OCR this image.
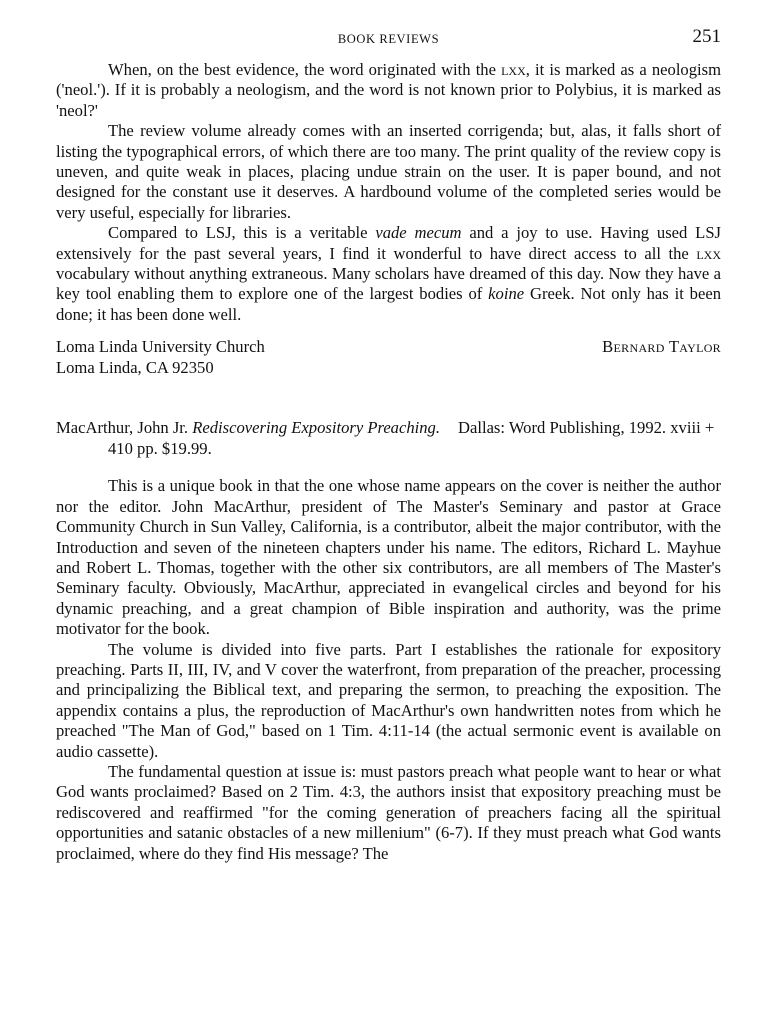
BOOK REVIEWS	251

When, on the best evidence, the word originated with the lxx, it is marked as a neologism ('neol.'). If it is probably a neologism, and the word is not known prior to Polybius, it is marked as 'neol?'

The review volume already comes with an inserted corrigenda; but, alas, it falls short of listing the typographical errors, of which there are too many. The print quality of the review copy is uneven, and quite weak in places, placing undue strain on the user. It is paper bound, and not designed for the constant use it deserves. A hardbound volume of the completed series would be very useful, especially for libraries.

Compared to LSJ, this is a veritable vade mecum and a joy to use. Having used LSJ extensively for the past several years, I find it wonderful to have direct access to all the lxx vocabulary without anything extraneous. Many scholars have dreamed of this day. Now they have a key tool enabling them to explore one of the largest bodies of koine Greek. Not only has it been done; it has been done well.

Loma Linda University Church
Loma Linda, CA 92350
Bernard Taylor
MacArthur, John Jr. Rediscovering Expository Preaching. Dallas: Word Publishing, 1992. xviii + 410 pp. $19.99.

This is a unique book in that the one whose name appears on the cover is neither the author nor the editor. John MacArthur, president of The Master's Seminary and pastor at Grace Community Church in Sun Valley, California, is a contributor, albeit the major contributor, with the Introduction and seven of the nineteen chapters under his name. The editors, Richard L. Mayhue and Robert L. Thomas, together with the other six contributors, are all members of The Master's Seminary faculty. Obviously, MacArthur, appreciated in evangelical circles and beyond for his dynamic preaching, and a great champion of Bible inspiration and authority, was the prime motivator for the book.

The volume is divided into five parts. Part I establishes the rationale for expository preaching. Parts II, III, IV, and V cover the waterfront, from preparation of the preacher, processing and principalizing the Biblical text, and preparing the sermon, to preaching the exposition. The appendix contains a plus, the reproduction of MacArthur's own handwritten notes from which he preached "The Man of God," based on 1 Tim. 4:11-14 (the actual sermonic event is available on audio cassette).

The fundamental question at issue is: must pastors preach what people want to hear or what God wants proclaimed? Based on 2 Tim. 4:3, the authors insist that expository preaching must be rediscovered and reaffirmed "for the coming generation of preachers facing all the spiritual opportunities and satanic obstacles of a new millenium" (6-7). If they must preach what God wants proclaimed, where do they find His message? The
